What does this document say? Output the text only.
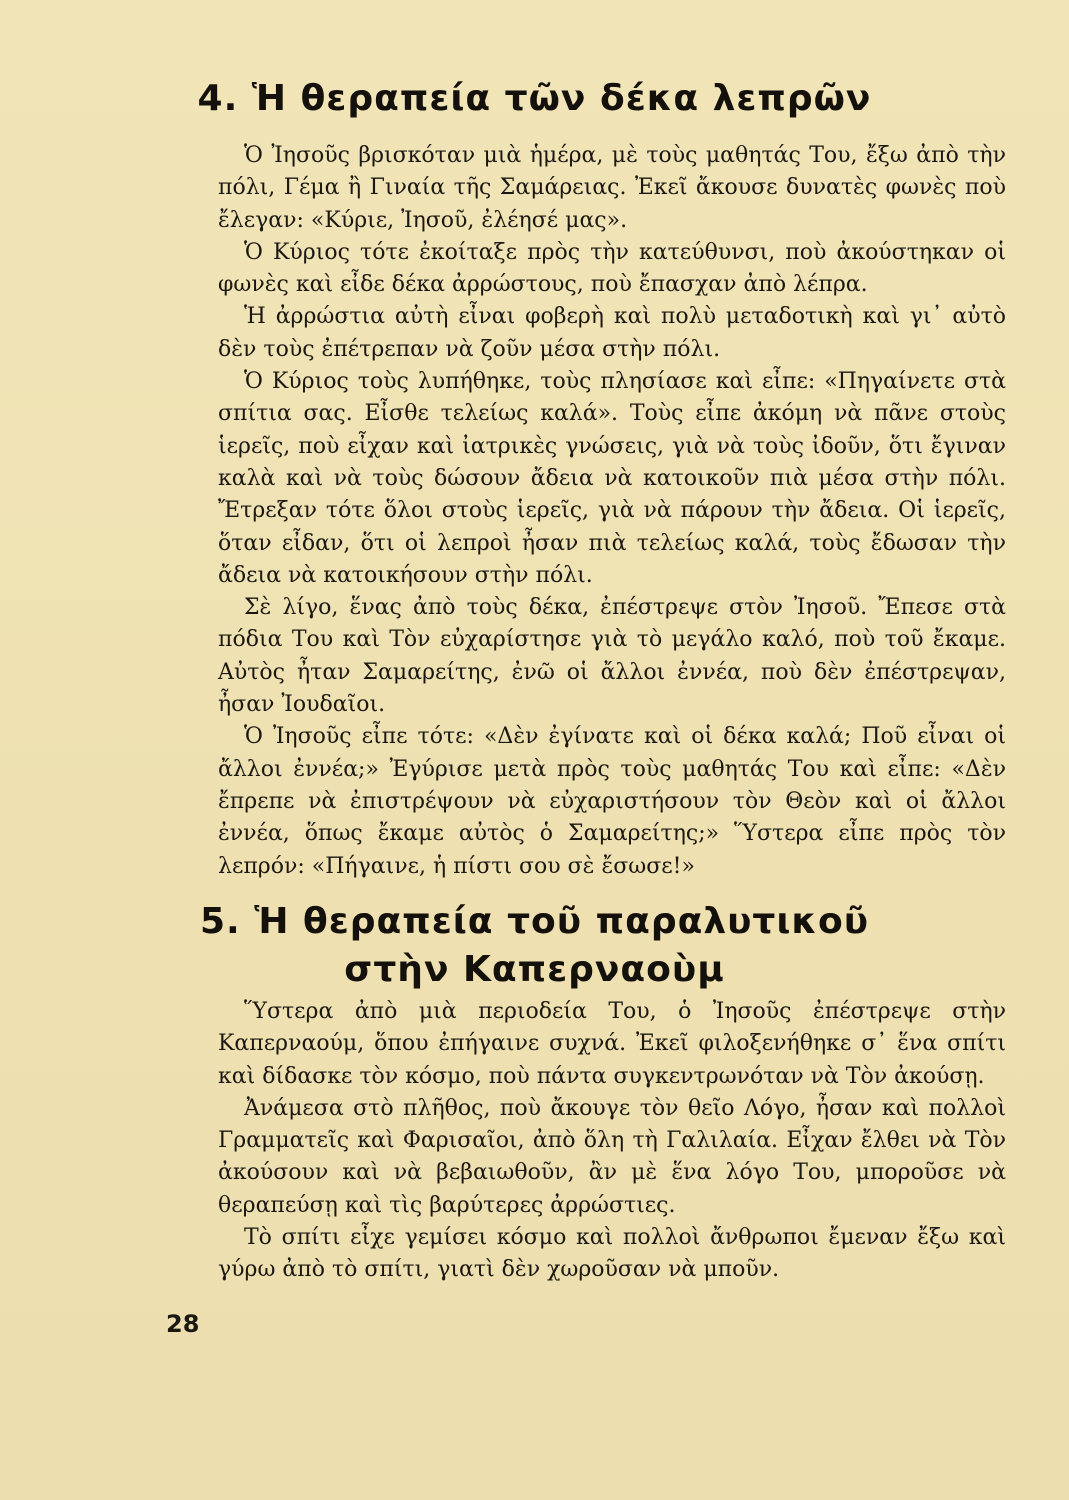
4. Ἡ θεραπεία τῶν δέκα λεπρῶν

Ὁ Ἰησοῦς βρισκόταν μιὰ ἡμέρα, μὲ τοὺς μαθητάς Του, ἔξω ἀπὸ τὴν πόλι, Γέμα ἢ Γιναία τῆς Σαμάρειας. Ἐκεῖ ἄκουσε δυνατὲς φωνὲς ποὺ ἔλεγαν: «Κύριε, Ἰησοῦ, ἐλέησέ μας».

Ὁ Κύριος τότε ἐκοίταξε πρὸς τὴν κατεύθυνσι, ποὺ ἀκούστηκαν οἱ φωνὲς καὶ εἶδε δέκα ἀρρώστους, ποὺ ἔπασχαν ἀπὸ λέπρα.

Ἡ ἀρρώστια αὐτὴ εἶναι φοβερὴ καὶ πολὺ μεταδοτικὴ καὶ γι᾿ αὐτὸ δὲν τοὺς ἐπέτρεπαν νὰ ζοῦν μέσα στὴν πόλι.

Ὁ Κύριος τοὺς λυπήθηκε, τοὺς πλησίασε καὶ εἶπε: «Πηγαίνετε στὰ σπίτια σας. Εἶσθε τελείως καλά». Τοὺς εἶπε ἀκόμη νὰ πᾶνε στοὺς ἱερεῖς, ποὺ εἶχαν καὶ ἰατρικὲς γνώσεις, γιὰ νὰ τοὺς ἰδοῦν, ὅτι ἔγιναν καλὰ καὶ νὰ τοὺς δώσουν ἄδεια νὰ κατοικοῦν πιὰ μέσα στὴν πόλι. Ἔτρεξαν τότε ὅλοι στοὺς ἱερεῖς, γιὰ νὰ πάρουν τὴν ἄδεια. Οἱ ἱερεῖς, ὅταν εἶδαν, ὅτι οἱ λεπροὶ ἦσαν πιὰ τελείως καλά, τοὺς ἔδωσαν τὴν ἄδεια νὰ κατοικήσουν στὴν πόλι.

Σὲ λίγο, ἕνας ἀπὸ τοὺς δέκα, ἐπέστρεψε στὸν Ἰησοῦ. Ἔπεσε στὰ πόδια Του καὶ Τὸν εὐχαρίστησε γιὰ τὸ μεγάλο καλό, ποὺ τοῦ ἔκαμε. Αὐτὸς ἦταν Σαμαρείτης, ἐνῶ οἱ ἄλλοι ἐννέα, ποὺ δὲν ἐπέστρεψαν, ἦσαν Ἰουδαῖοι.

Ὁ Ἰησοῦς εἶπε τότε: «Δὲν ἐγίνατε καὶ οἱ δέκα καλά; Ποῦ εἶναι οἱ ἄλλοι ἐννέα;» Ἐγύρισε μετὰ πρὸς τοὺς μαθητάς Του καὶ εἶπε: «Δὲν ἔπρεπε νὰ ἐπιστρέψουν νὰ εὐχαριστήσουν τὸν Θεὸν καὶ οἱ ἄλλοι ἐννέα, ὅπως ἔκαμε αὐτὸς ὁ Σαμαρείτης;» Ὕστερα εἶπε πρὸς τὸν λεπρόν: «Πήγαινε, ἡ πίστι σου σὲ ἔσωσε!»

5. Ἡ θεραπεία τοῦ παραλυτικοῦ
στὴν Καπερναοὺμ

Ὕστερα ἀπὸ μιὰ περιοδεία Του, ὁ Ἰησοῦς ἐπέστρεψε στὴν Καπερναούμ, ὅπου ἐπήγαινε συχνά. Ἐκεῖ φιλοξενήθηκε σ᾿ ἕνα σπίτι καὶ δίδασκε τὸν κόσμο, ποὺ πάντα συγκεντρωνόταν νὰ Τὸν ἀκούσῃ.

Ἀνάμεσα στὸ πλῆθος, ποὺ ἄκουγε τὸν θεῖο Λόγο, ἦσαν καὶ πολλοὶ Γραμματεῖς καὶ Φαρισαῖοι, ἀπὸ ὅλη τὴ Γαλιλαία. Εἶχαν ἔλθει νὰ Τὸν ἀκούσουν καὶ νὰ βεβαιωθοῦν, ἂν μὲ ἕνα λόγο Του, μποροῦσε νὰ θεραπεύσῃ καὶ τὶς βαρύτερες ἀρρώστιες.

Τὸ σπίτι εἶχε γεμίσει κόσμο καὶ πολλοὶ ἄνθρωποι ἔμεναν ἔξω καὶ γύρω ἀπὸ τὸ σπίτι, γιατὶ δὲν χωροῦσαν νὰ μποῦν.

28
